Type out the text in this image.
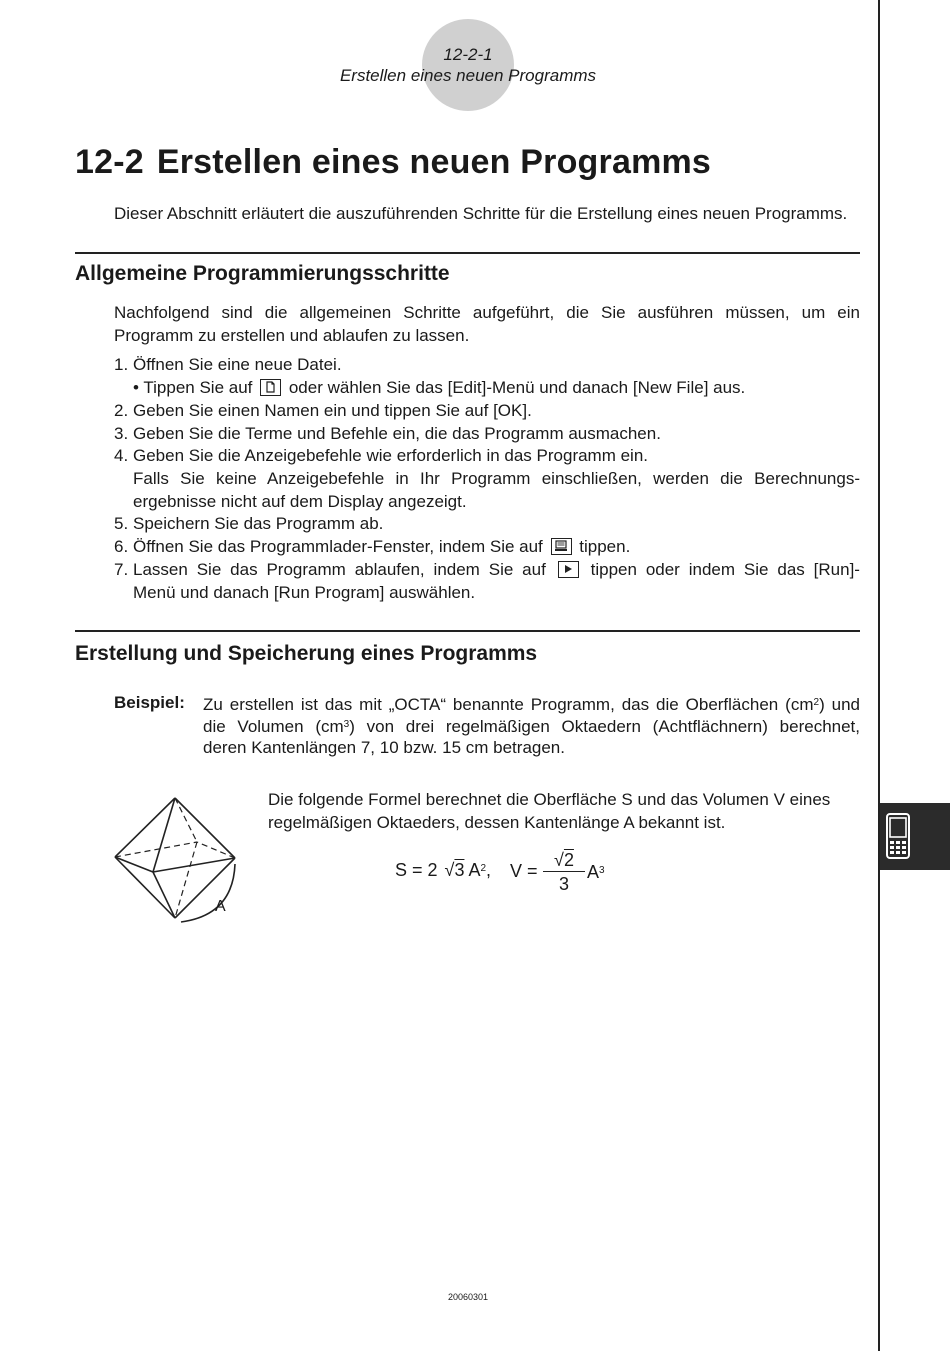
12-2-1
Erstellen eines neuen Programms
12-2 Erstellen eines neuen Programms
Dieser Abschnitt erläutert die auszuführenden Schritte für die Erstellung eines neuen Programms.
Allgemeine Programmierungsschritte
Nachfolgend sind die allgemeinen Schritte aufgeführt, die Sie ausführen müssen, um ein
Programm zu erstellen und ablaufen zu lassen.
1. Öffnen Sie eine neue Datei.
• Tippen Sie auf oder wählen Sie das [Edit]-Menü und danach [New File] aus.
2. Geben Sie einen Namen ein und tippen Sie auf [OK].
3. Geben Sie die Terme und Befehle ein, die das Programm ausmachen.
4. Geben Sie die Anzeigebefehle wie erforderlich in das Programm ein.
Falls Sie keine Anzeigebefehle in Ihr Programm einschließen, werden die Berechnungs-
ergebnisse nicht auf dem Display angezeigt.
5. Speichern Sie das Programm ab.
6. Öffnen Sie das Programmlader-Fenster, indem Sie auf tippen.
7. Lassen Sie das Programm ablaufen, indem Sie auf	tippen oder indem Sie das [Run]-
Menü und danach [Run Program] auswählen.
Erstellung und Speicherung eines Programms
Beispiel: Zu erstellen ist das mit „OCTA“ benannte Programm, das die Oberflächen $(cm^2)$ und
die Volumen $(cm^3)$ von drei regelmäßigen Oktaedern (Achtflächnern) berechnet,
deren Kantenlängen 7, 10 bzw. 15 cm betragen.
A
Die folgende Formel berechnet die Oberfläche S und das Volumen V eines
regelmäßigen Oktaeders, dessen Kantenlänge A bekannt ist.
S = 2 √3 $A^2$, V =
√2
3
$A^3$
20060301
